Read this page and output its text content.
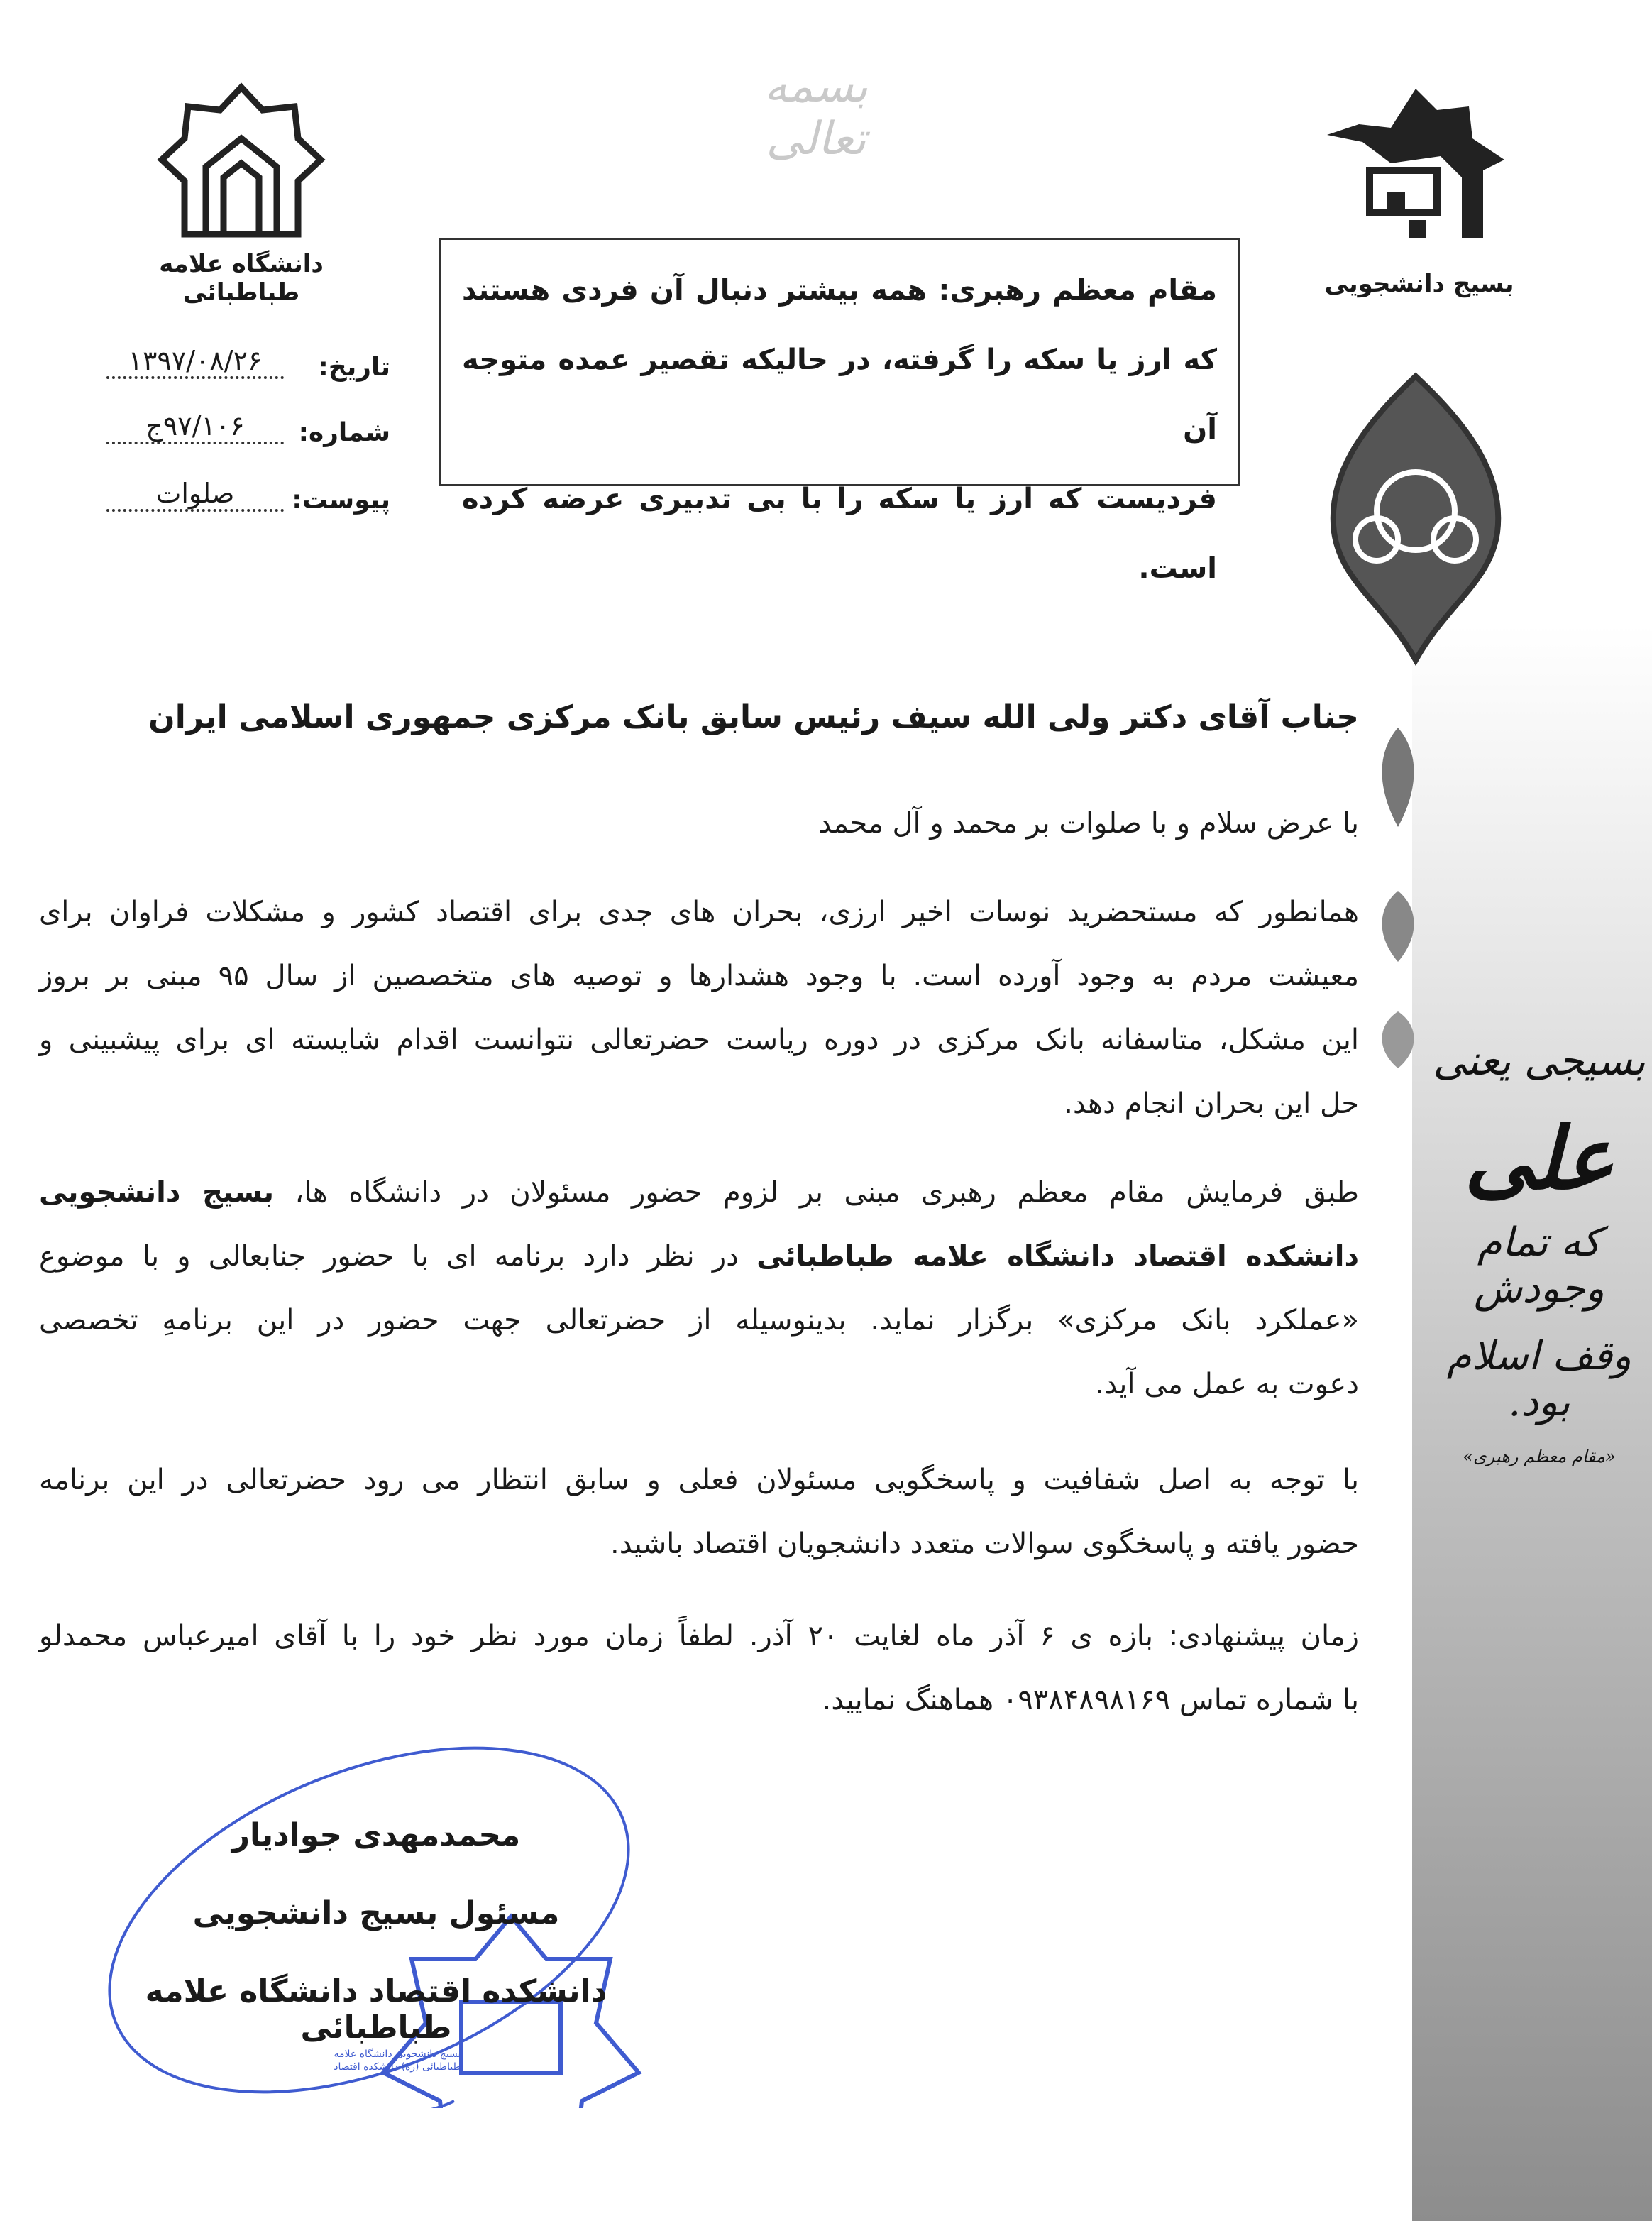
بسمه تعالی
دانشگاه علامه طباطبائی	بسیج دانشجویی
مقام معظم رهبری: همه بیشتر دنبال آن فردی هستند
که ارز یا سکه را گرفته، در حالیکه تقصیر عمده متوجه آن
فردیست که ارز یا سکه را با بی تدبیری عرضه کرده است.
تاریخ:
۱۳۹۷/۰۸/۲۶
شماره:
۹۷/۱۰۶ج
پیوست:
صلوات
بسیجی یعنی
علی
که تمام وجودش
وقف اسلام بود.
«مقام معظم رهبری»
جناب آقای دکتر ولی الله سیف رئیس سابق بانک مرکزی جمهوری اسلامی ایران
با عرض سلام و با صلوات بر محمد و آل محمد
همانطور که مستحضرید نوسات اخیر ارزی، بحران های جدی برای اقتصاد کشور و مشکلات فراوان برای
معیشت مردم به وجود آورده است. با وجود هشدارها و توصیه های متخصصین از سال ۹۵ مبنی بر بروز
این مشکل، متاسفانه بانک مرکزی در دوره ریاست حضرتعالی نتوانست اقدام شایسته ای برای پیشبینی و
حل این بحران انجام دهد.
طبق فرمایش مقام معظم رهبری مبنی بر لزوم حضور مسئولان در دانشگاه ها، بسیج دانشجویی
دانشکده اقتصاد دانشگاه علامه طباطبائی در نظر دارد برنامه ای با حضور جنابعالی و با موضوع
«عملکرد بانک مرکزی» برگزار نماید. بدینوسیله از حضرتعالی جهت حضور در این برنامهِ تخصصی
دعوت به عمل می آید.
با توجه به اصل شفافیت و پاسخگویی مسئولان فعلی و سابق انتظار می رود حضرتعالی در این برنامه
حضور یافته و پاسخگوی سوالات متعدد دانشجویان اقتصاد باشید.
زمان پیشنهادی: بازه ی ۶ آذر ماه لغایت ۲۰ آذر. لطفاً زمان مورد نظر خود را با آقای امیرعباس محمدلو
با شماره تماس ۰۹۳۸۴۸۹۸۱۶۹ هماهنگ نمایید.
محمدمهدی جوادیار
مسئول بسیج دانشجویی
دانشکده اقتصاد دانشگاه علامه طباطبائی
بسیج دانشجویی دانشگاه علامه طباطبائی (ره) دانشکده اقتصاد
